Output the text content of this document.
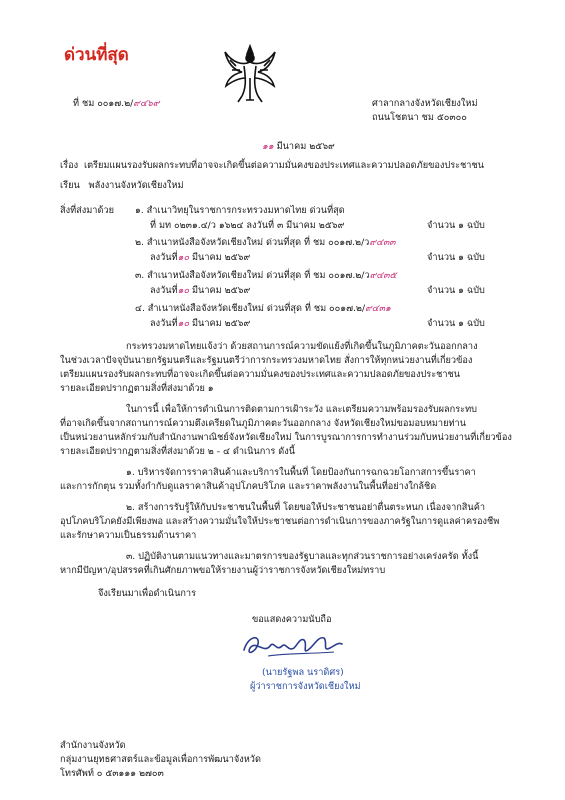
ด่วนที่สุด
ที่ ชม ๐๐๑๗.๒/๙๔๖๙	ศาลากลางจังหวัดเชียงใหม่
ถนนโชตนา ชม ๕๐๓๐๐
๑๑ มีนาคม ๒๕๖๙
เรื่อง เตรียมแผนรองรับผลกระทบที่อาจจะเกิดขึ้นต่อความมั่นคงของประเทศและความปลอดภัยของประชาชน
เรียน พลังงานจังหวัดเชียงใหม่
สิ่งที่ส่งมาด้วย ๑. สำเนาวิทยุในราชการกระทรวงมหาดไทย ด่วนที่สุด
ที่ มท ๐๒๓๑.๔/ว ๑๖๒๔ ลงวันที่ ๓ มีนาคม ๒๕๖๙	จำนวน ๑ ฉบับ
๒. สำเนาหนังสือจังหวัดเชียงใหม่ ด่วนที่สุด ที่ ชม ๐๐๑๗.๒/ว๙๔๓๓
ลงวันที่๑๐ มีนาคม ๒๕๖๙	จำนวน ๑ ฉบับ
๓. สำเนาหนังสือจังหวัดเชียงใหม่ ด่วนที่สุด ที่ ชม ๐๐๑๗.๒/ว๙๔๓๕
ลงวันที่๑๐ มีนาคม ๒๕๖๙	จำนวน ๑ ฉบับ
๔. สำเนาหนังสือจังหวัดเชียงใหม่ ด่วนที่สุด ที่ ชม ๐๐๑๗.๒/๙๔๓๑
ลงวันที่๑๐ มีนาคม ๒๕๖๙	จำนวน ๑ ฉบับ
กระทรวงมหาดไทยแจ้งว่า ด้วยสถานการณ์ความขัดแย้งที่เกิดขึ้นในภูมิภาคตะวันออกกลาง
ในช่วงเวลาปัจจุบันนายกรัฐมนตรีและรัฐมนตรีว่าการกระทรวงมหาดไทย สั่งการให้ทุกหน่วยงานที่เกี่ยวข้อง
เตรียมแผนรองรับผลกระทบที่อาจจะเกิดขึ้นต่อความมั่นคงของประเทศและความปลอดภัยของประชาชน
รายละเอียดปรากฏตามสิ่งที่ส่งมาด้วย ๑
ในการนี้ เพื่อให้การดำเนินการติดตามการเฝ้าระวัง และเตรียมความพร้อมรองรับผลกระทบ
ที่อาจเกิดขึ้นจากสถานการณ์ความตึงเครียดในภูมิภาคตะวันออกกลาง จังหวัดเชียงใหม่ขอมอบหมายท่าน
เป็นหน่วยงานหลักร่วมกับสำนักงานพาณิชย์จังหวัดเชียงใหม่ ในการบูรณาการการทำงานร่วมกับหน่วยงานที่เกี่ยวข้อง
รายละเอียดปรากฏตามสิ่งที่ส่งมาด้วย ๒ - ๔ ดำเนินการ ดังนี้
๑. บริหารจัดการราคาสินค้าและบริการในพื้นที่ โดยป้องกันการฉกฉวยโอกาสการขึ้นราคา
และการกักตุน รวมทั้งกำกับดูแลราคาสินค้าอุปโภคบริโภค และราคาพลังงานในพื้นที่อย่างใกล้ชิด
๒. สร้างการรับรู้ให้กับประชาชนในพื้นที่ โดยขอให้ประชาชนอย่าตื่นตระหนก เนื่องจากสินค้า
อุปโภคบริโภคยังมีเพียงพอ และสร้างความมั่นใจให้ประชาชนต่อการดำเนินการของภาครัฐในการดูแลค่าครองชีพ
และรักษาความเป็นธรรมด้านราคา
๓. ปฏิบัติงานตามแนวทางและมาตรการของรัฐบาลและทุกส่วนราชการอย่างเคร่งครัด ทั้งนี้
หากมีปัญหา/อุปสรรคที่เกินศักยภาพขอให้รายงานผู้ว่าราชการจังหวัดเชียงใหม่ทราบ
จึงเรียนมาเพื่อดำเนินการ
ขอแสดงความนับถือ
(นายรัฐพล นราดิศร)
ผู้ว่าราชการจังหวัดเชียงใหม่
สำนักงานจังหวัด
กลุ่มงานยุทธศาสตร์และข้อมูลเพื่อการพัฒนาจังหวัด
โทรศัพท์ ๐ ๕๓๑๑๑ ๒๗๐๓
